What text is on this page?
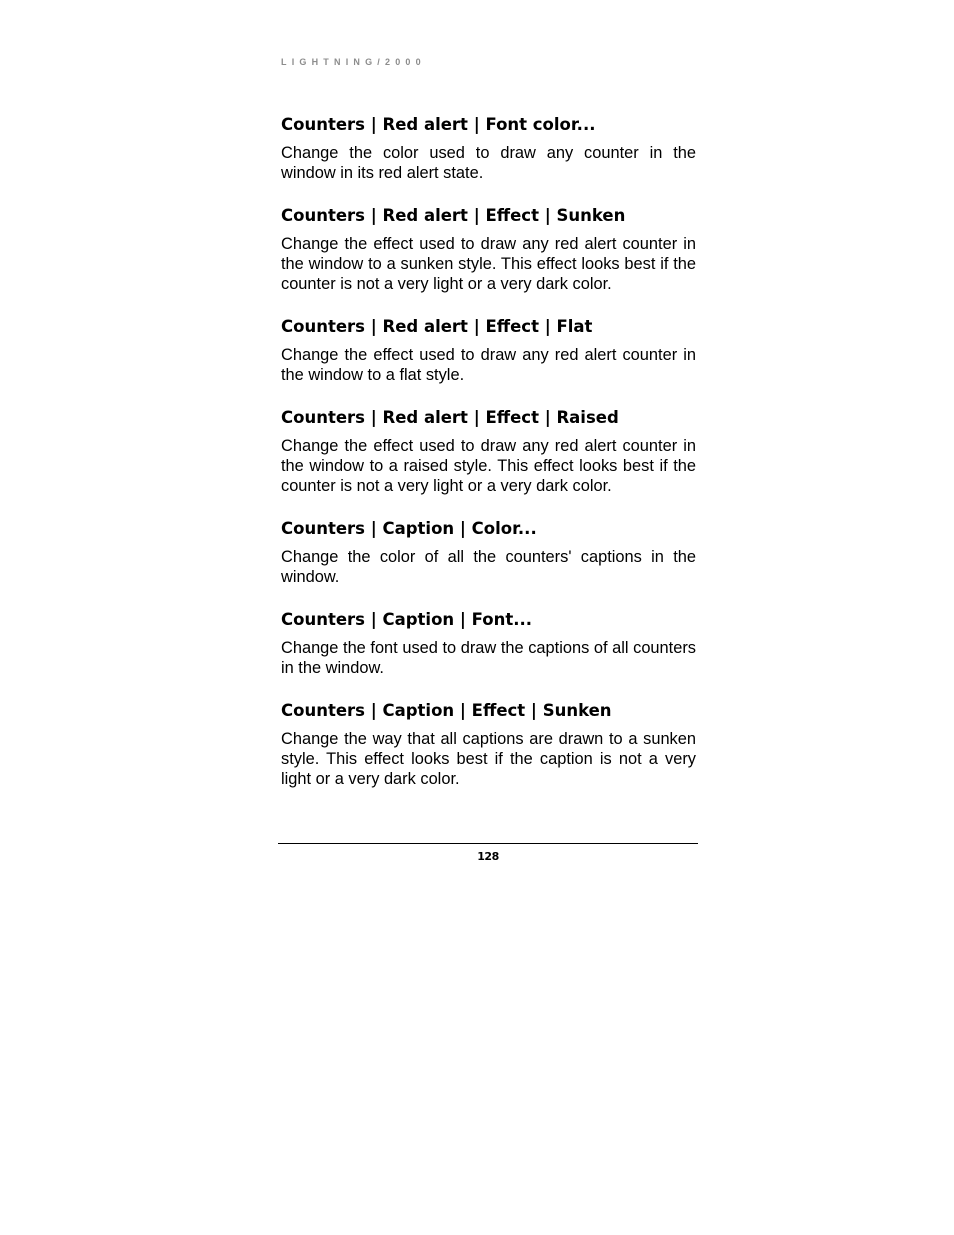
LIGHTNING/2000
Counters | Red alert | Font color...

Change the color used to draw any counter in the window in its red alert state.

Counters | Red alert | Effect | Sunken

Change the effect used to draw any red alert counter in the window to a sunken style. This effect looks best if the counter is not a very light or a very dark color.

Counters | Red alert | Effect | Flat

Change the effect used to draw any red alert counter in the window to a flat style.

Counters | Red alert | Effect | Raised

Change the effect used to draw any red alert counter in the window to a raised style. This effect looks best if the counter is not a very light or a very dark color.

Counters | Caption | Color...

Change the color of all the counters' captions in the window.

Counters | Caption | Font...

Change the font used to draw the captions of all counters in the window.

Counters | Caption | Effect | Sunken

Change the way that all captions are drawn to a sunken style. This effect looks best if the caption is not a very light or a very dark color.

128
